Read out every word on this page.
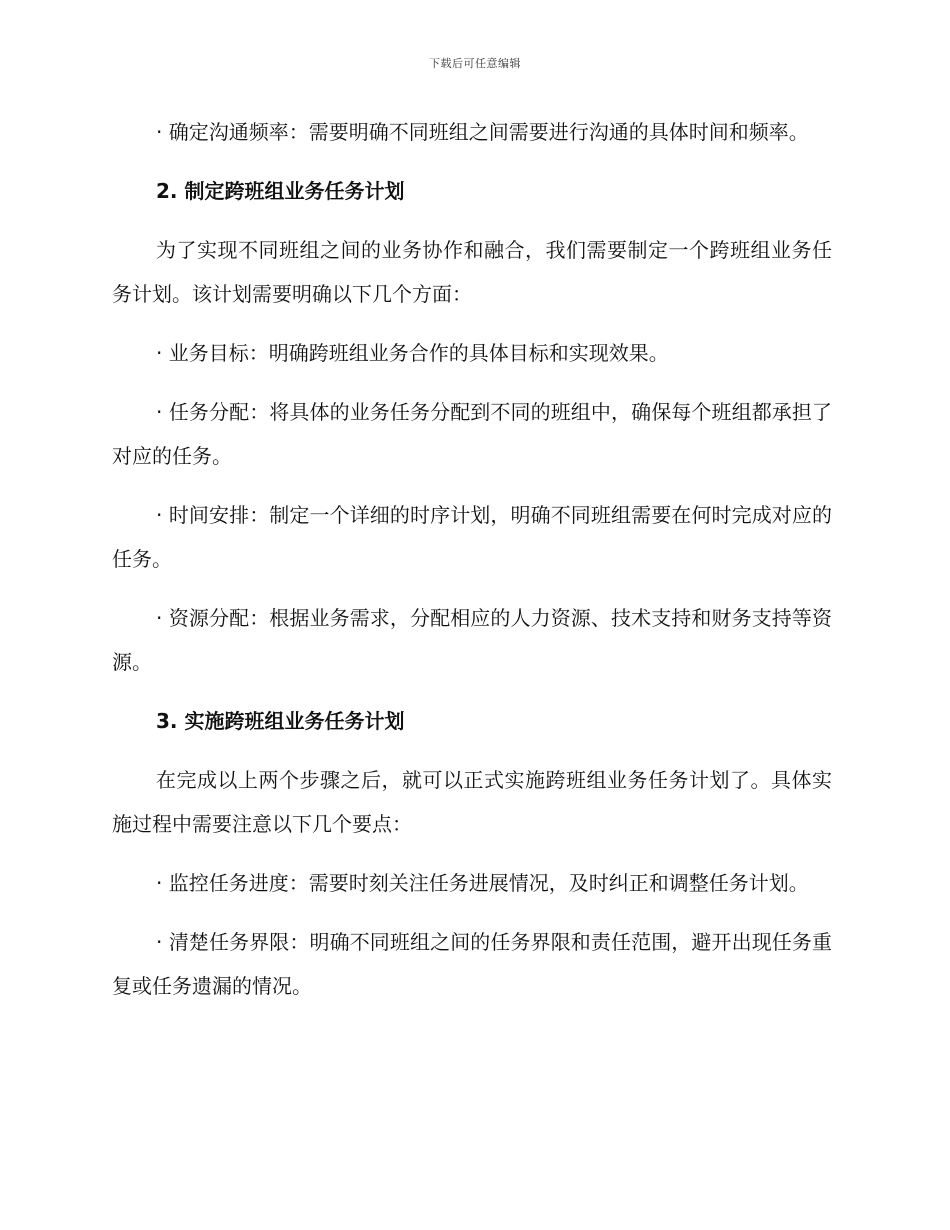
下载后可任意编辑

· 确定沟通频率：需要明确不同班组之间需要进行沟通的具体时间和频率。

2. 制定跨班组业务任务计划

为了实现不同班组之间的业务协作和融合，我们需要制定一个跨班组业务任务计划。该计划需要明确以下几个方面：

· 业务目标：明确跨班组业务合作的具体目标和实现效果。

· 任务分配：将具体的业务任务分配到不同的班组中，确保每个班组都承担了对应的任务。

· 时间安排：制定一个详细的时序计划，明确不同班组需要在何时完成对应的任务。

· 资源分配：根据业务需求，分配相应的人力资源、技术支持和财务支持等资源。

3. 实施跨班组业务任务计划

在完成以上两个步骤之后，就可以正式实施跨班组业务任务计划了。具体实施过程中需要注意以下几个要点：

· 监控任务进度：需要时刻关注任务进展情况，及时纠正和调整任务计划。

· 清楚任务界限：明确不同班组之间的任务界限和责任范围，避开出现任务重复或任务遗漏的情况。
